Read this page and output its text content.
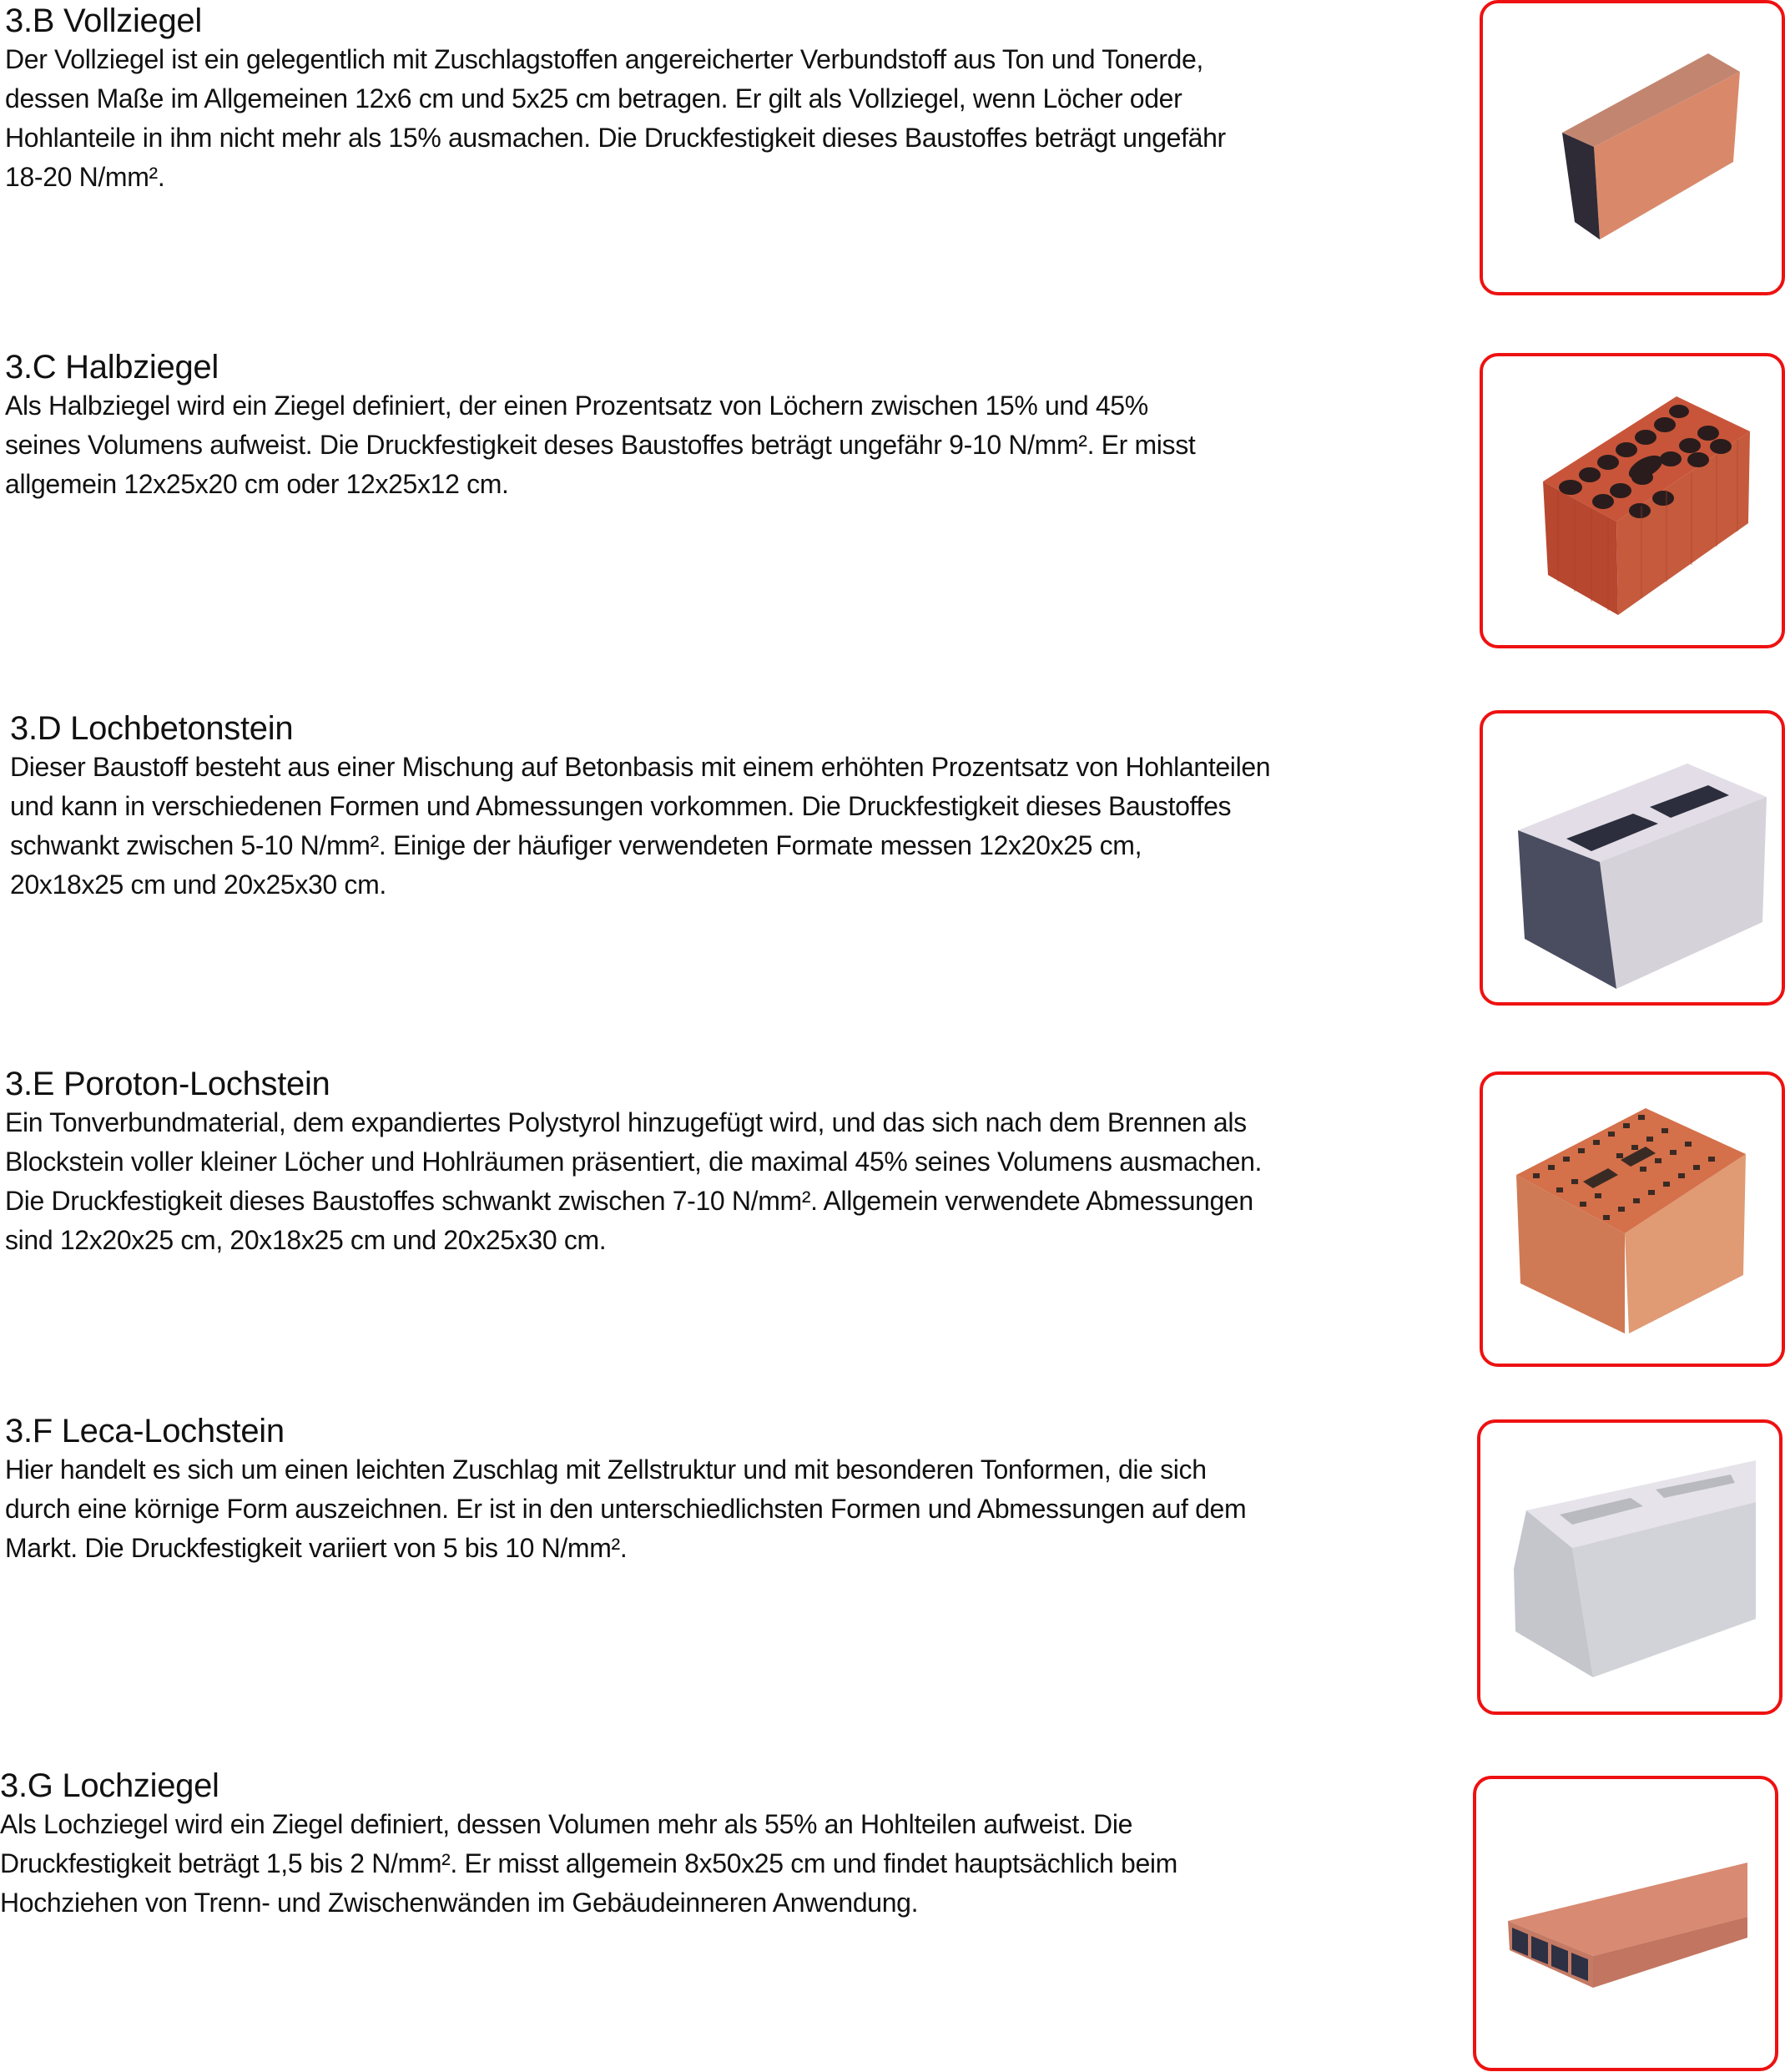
3.B Vollziegel

Der Vollziegel ist ein gelegentlich mit Zuschlagstoffen angereicherter Verbundstoff aus Ton und Tonerde,
dessen Maße im Allgemeinen 12x6 cm und 5x25 cm betragen. Er gilt als Vollziegel, wenn Löcher oder
Hohlanteile in ihm nicht mehr als 15% ausmachen. Die Druckfestigkeit dieses Baustoffes beträgt ungefähr
18-20 N/mm².

3.C Halbziegel

Als Halbziegel wird ein Ziegel definiert, der einen Prozentsatz von Löchern zwischen 15% und 45%
seines Volumens aufweist. Die Druckfestigkeit deses Baustoffes beträgt ungefähr 9-10 N/mm². Er misst
allgemein 12x25x20 cm oder 12x25x12 cm.

3.D Lochbetonstein

Dieser Baustoff besteht aus einer Mischung auf Betonbasis mit einem erhöhten Prozentsatz von Hohlanteilen
und kann in verschiedenen Formen und Abmessungen vorkommen. Die Druckfestigkeit dieses Baustoffes
schwankt zwischen 5-10 N/mm². Einige der häufiger verwendeten Formate messen 12x20x25 cm,
20x18x25 cm und 20x25x30 cm.

3.E Poroton-Lochstein

Ein Tonverbundmaterial, dem expandiertes Polystyrol hinzugefügt wird, und das sich nach dem Brennen als
Blockstein voller kleiner Löcher und Hohlräumen präsentiert, die maximal 45% seines Volumens ausmachen.
Die Druckfestigkeit dieses Baustoffes schwankt zwischen 7-10 N/mm². Allgemein verwendete Abmessungen
sind 12x20x25 cm, 20x18x25 cm und 20x25x30 cm.

3.F Leca-Lochstein

Hier handelt es sich um einen leichten Zuschlag mit Zellstruktur und mit besonderen Tonformen, die sich
durch eine körnige Form auszeichnen. Er ist in den unterschiedlichsten Formen und Abmessungen auf dem
Markt. Die Druckfestigkeit variiert von 5 bis 10 N/mm².

3.G Lochziegel

Als Lochziegel wird ein Ziegel definiert, dessen Volumen mehr als 55% an Hohlteilen aufweist. Die
Druckfestigkeit beträgt 1,5 bis 2 N/mm². Er misst allgemein 8x50x25 cm und findet hauptsächlich beim
Hochziehen von Trenn- und Zwischenwänden im Gebäudeinneren Anwendung.
